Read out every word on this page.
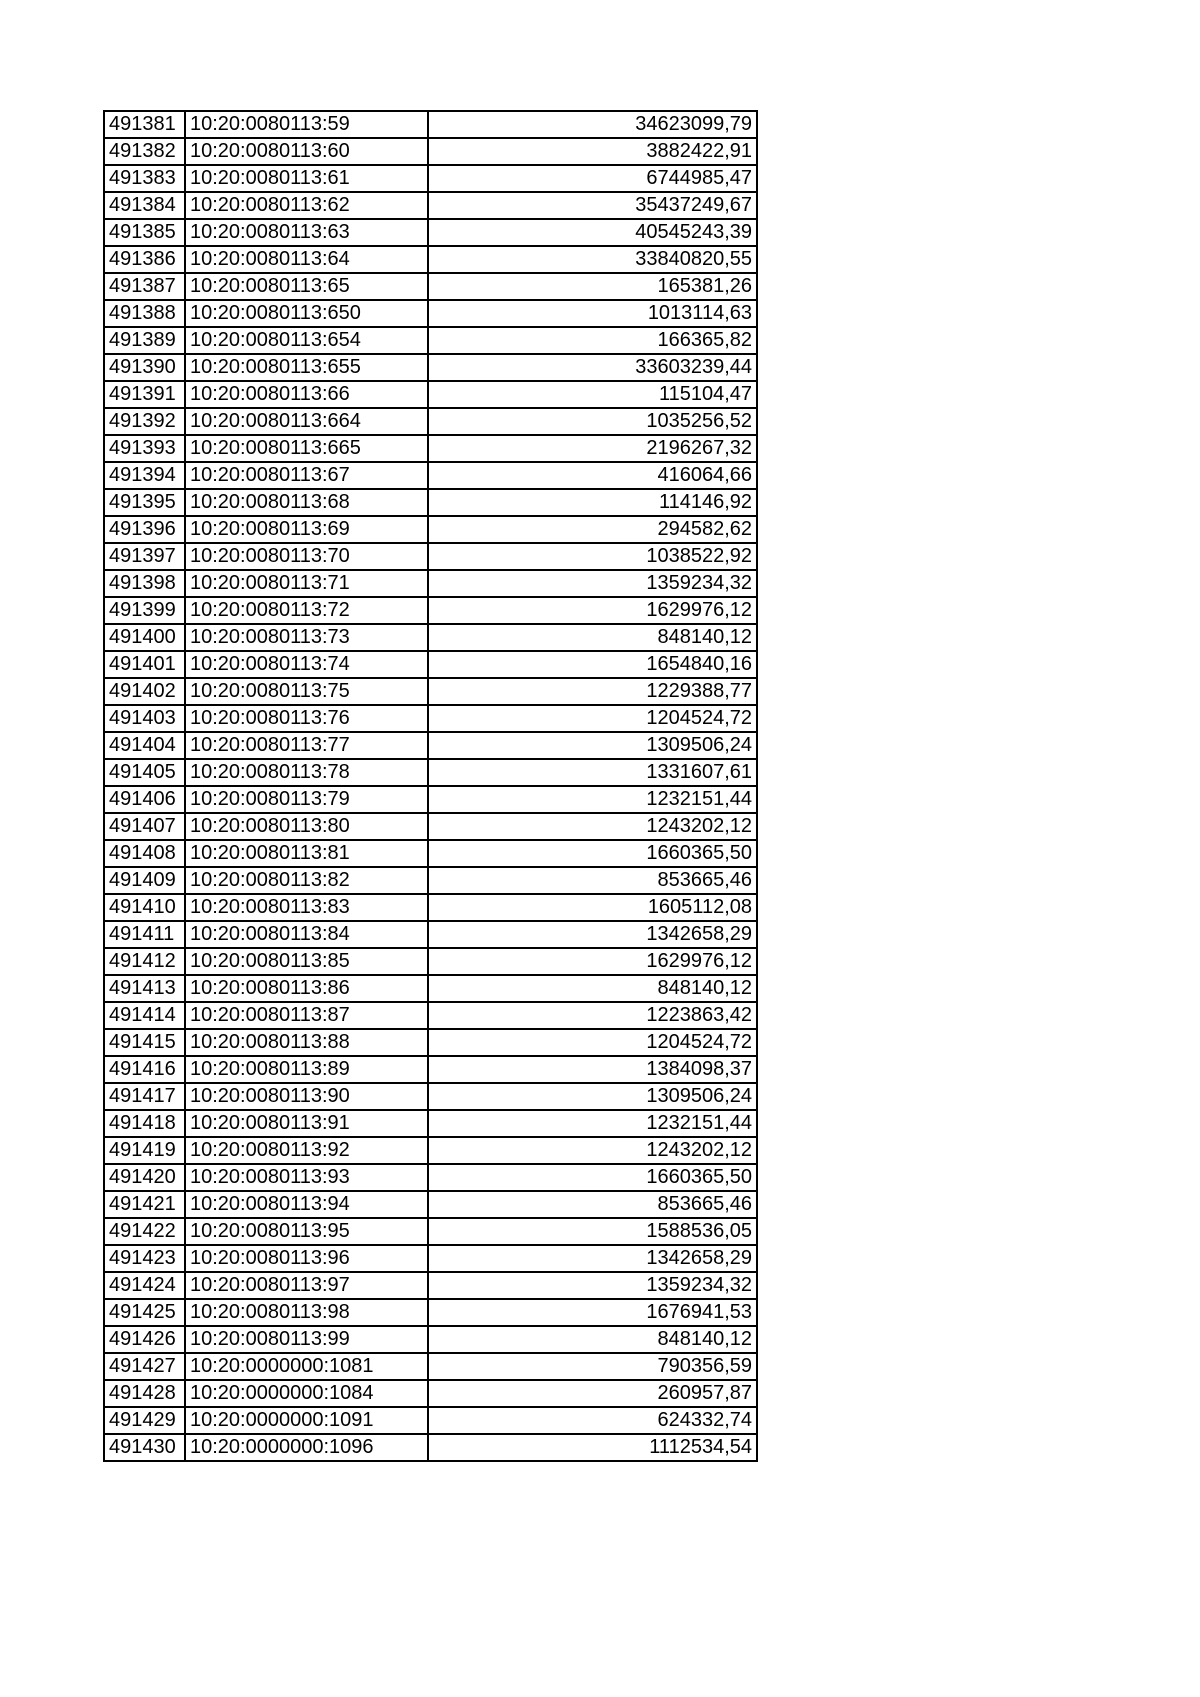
491381	10:20:0080113:59	34623099,79
491382	10:20:0080113:60	3882422,91
491383	10:20:0080113:61	6744985,47
491384	10:20:0080113:62	35437249,67
491385	10:20:0080113:63	40545243,39
491386	10:20:0080113:64	33840820,55
491387	10:20:0080113:65	165381,26
491388	10:20:0080113:650	1013114,63
491389	10:20:0080113:654	166365,82
491390	10:20:0080113:655	33603239,44
491391	10:20:0080113:66	115104,47
491392	10:20:0080113:664	1035256,52
491393	10:20:0080113:665	2196267,32
491394	10:20:0080113:67	416064,66
491395	10:20:0080113:68	114146,92
491396	10:20:0080113:69	294582,62
491397	10:20:0080113:70	1038522,92
491398	10:20:0080113:71	1359234,32
491399	10:20:0080113:72	1629976,12
491400	10:20:0080113:73	848140,12
491401	10:20:0080113:74	1654840,16
491402	10:20:0080113:75	1229388,77
491403	10:20:0080113:76	1204524,72
491404	10:20:0080113:77	1309506,24
491405	10:20:0080113:78	1331607,61
491406	10:20:0080113:79	1232151,44
491407	10:20:0080113:80	1243202,12
491408	10:20:0080113:81	1660365,50
491409	10:20:0080113:82	853665,46
491410	10:20:0080113:83	1605112,08
491411	10:20:0080113:84	1342658,29
491412	10:20:0080113:85	1629976,12
491413	10:20:0080113:86	848140,12
491414	10:20:0080113:87	1223863,42
491415	10:20:0080113:88	1204524,72
491416	10:20:0080113:89	1384098,37
491417	10:20:0080113:90	1309506,24
491418	10:20:0080113:91	1232151,44
491419	10:20:0080113:92	1243202,12
491420	10:20:0080113:93	1660365,50
491421	10:20:0080113:94	853665,46
491422	10:20:0080113:95	1588536,05
491423	10:20:0080113:96	1342658,29
491424	10:20:0080113:97	1359234,32
491425	10:20:0080113:98	1676941,53
491426	10:20:0080113:99	848140,12
491427	10:20:0000000:1081	790356,59
491428	10:20:0000000:1084	260957,87
491429	10:20:0000000:1091	624332,74
491430	10:20:0000000:1096	1112534,54
